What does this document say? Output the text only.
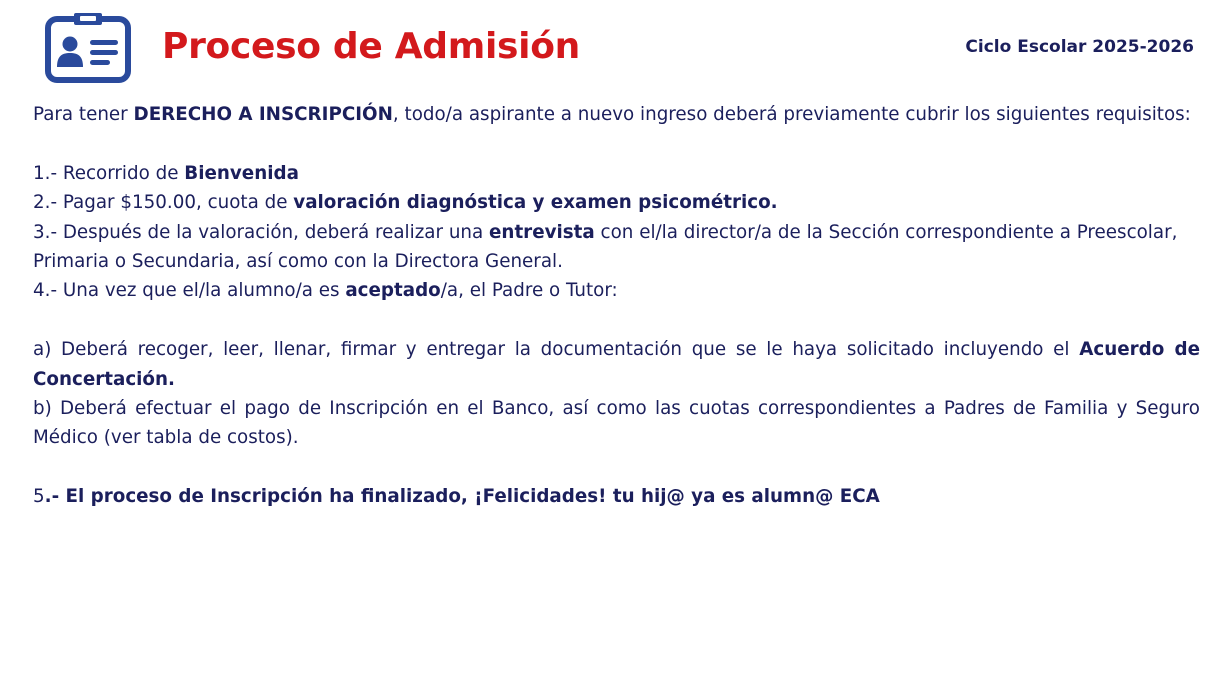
Proceso de Admisión	Ciclo Escolar 2025-2026

Para tener DERECHO A INSCRIPCIÓN, todo/a aspirante a nuevo ingreso deberá previamente cubrir los siguientes requisitos:

1.- Recorrido de Bienvenida

2.- Pagar $150.00, cuota de valoración diagnóstica y examen psicométrico.

3.- Después de la valoración, deberá realizar una entrevista con el/la director/a de la Sección correspondiente a Preescolar, Primaria o Secundaria, así como con la Directora General.

4.- Una vez que el/la alumno/a es aceptado/a, el Padre o Tutor:

a) Deberá recoger, leer, llenar, firmar y entregar la documentación que se le haya solicitado incluyendo el Acuerdo de Concertación.

b) Deberá efectuar el pago de Inscripción en el Banco, así como las cuotas correspondientes a Padres de Familia y Seguro Médico (ver tabla de costos).

5.- El proceso de Inscripción ha finalizado, ¡Felicidades! tu hij@ ya es alumn@ ECA
